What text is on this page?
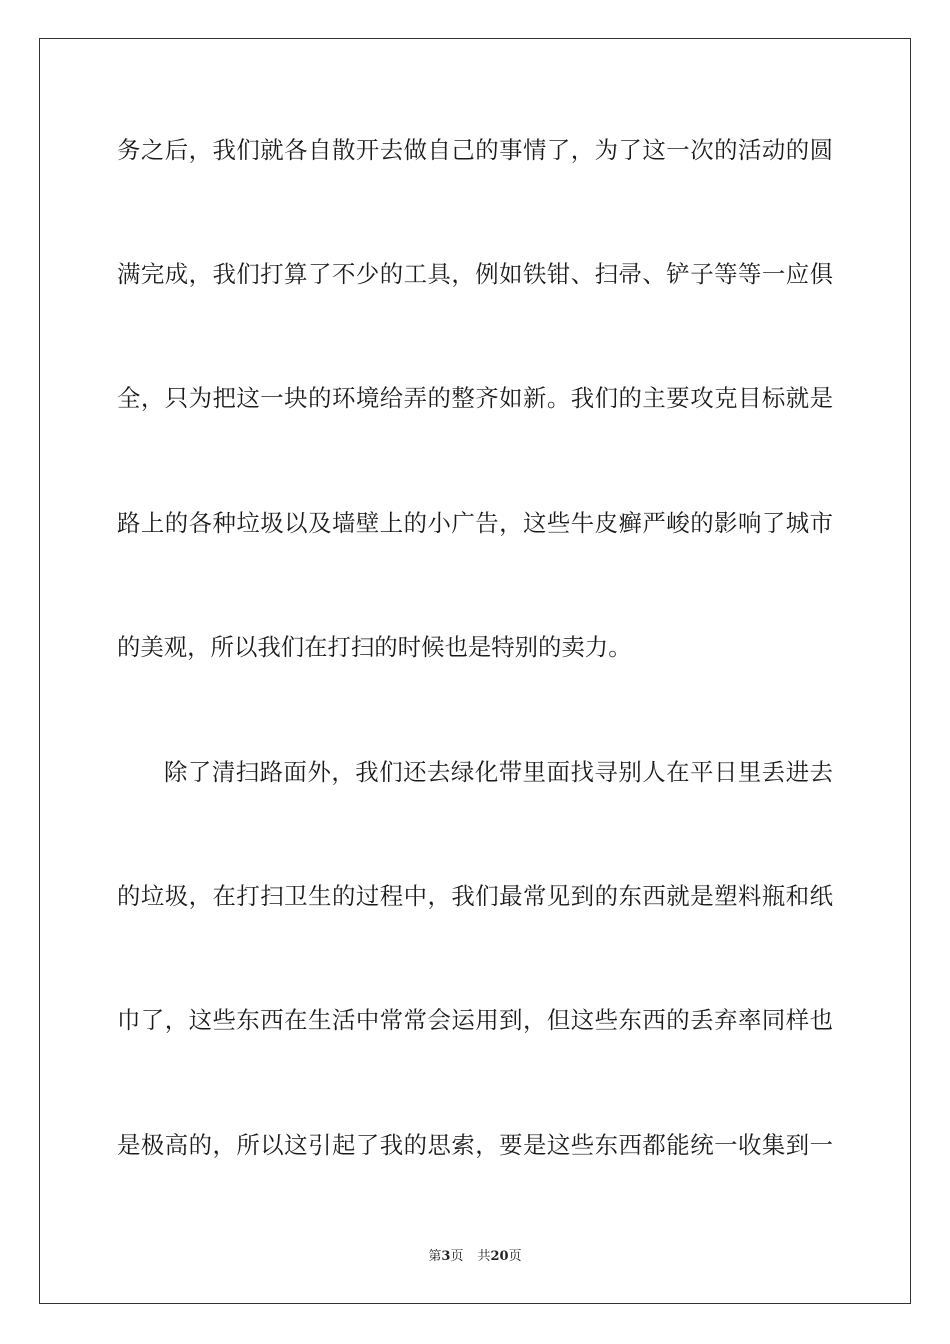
务之后，我们就各自散开去做自己的事情了，为了这一次的活动的圆
满完成，我们打算了不少的工具，例如铁钳、扫帚、铲子等等一应俱
全，只为把这一块的环境给弄的整齐如新。我们的主要攻克目标就是
路上的各种垃圾以及墙壁上的小广告，这些牛皮癣严峻的影响了城市
的美观，所以我们在打扫的时候也是特别的卖力。
除了清扫路面外，我们还去绿化带里面找寻别人在平日里丢进去
的垃圾，在打扫卫生的过程中，我们最常见到的东西就是塑料瓶和纸
巾了，这些东西在生活中常常会运用到，但这些东西的丢弃率同样也
是极高的，所以这引起了我的思索，要是这些东西都能统一收集到一
第3页 共20页
